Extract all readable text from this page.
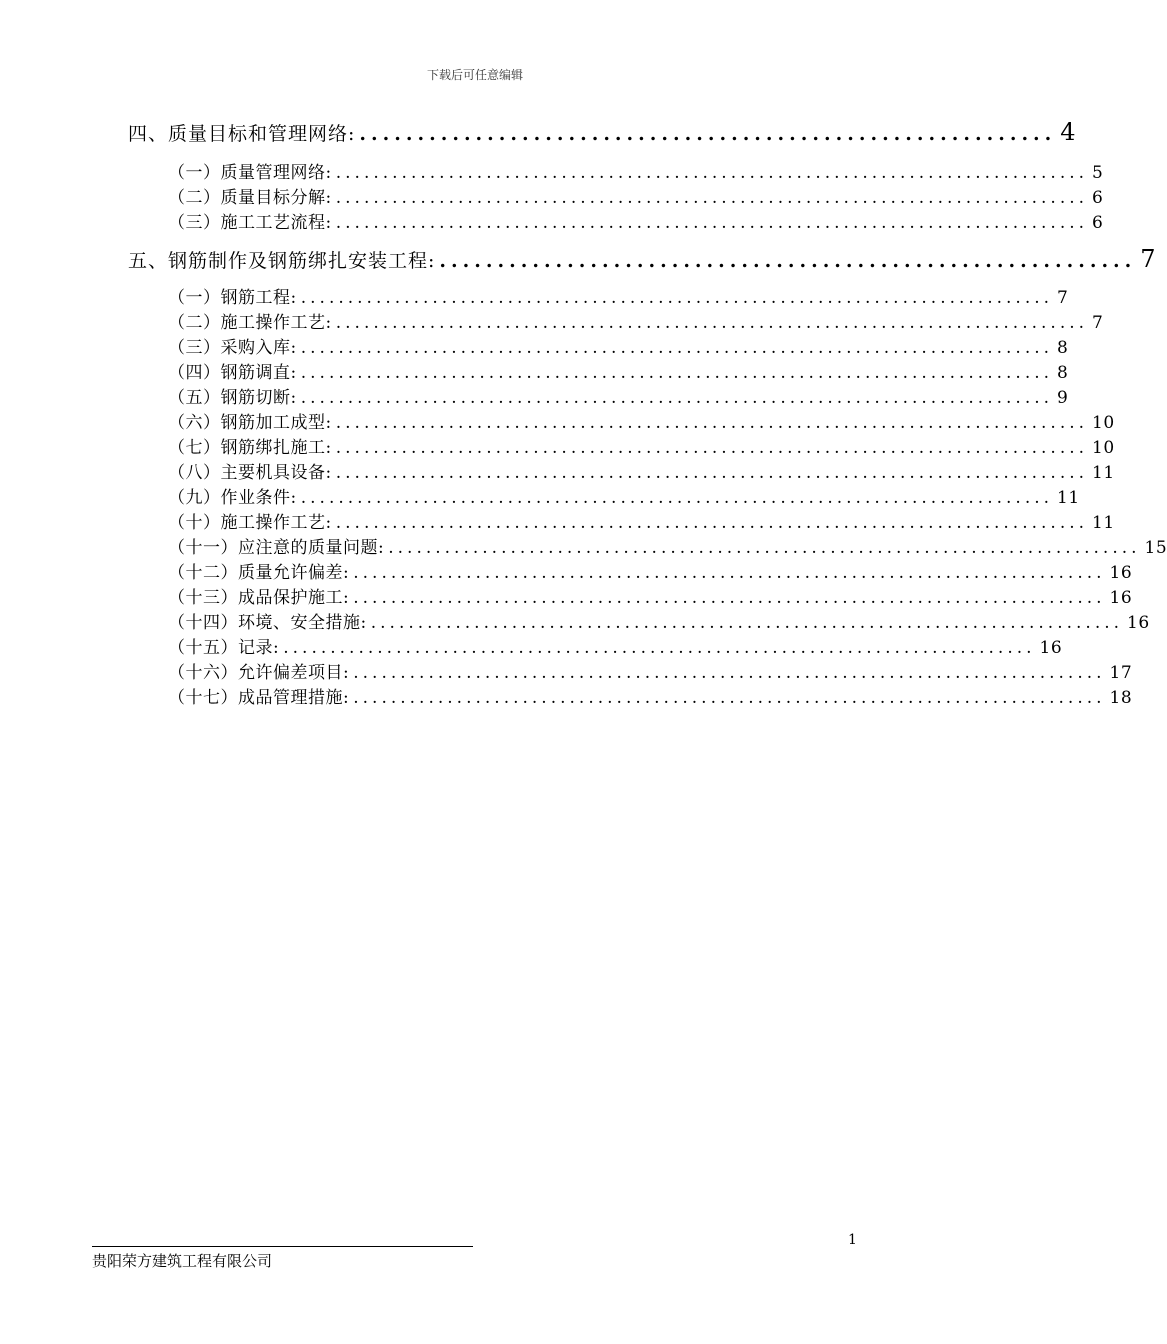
下载后可任意编辑
四、质量目标和管理网络: ............................................................ 4
（一）质量管理网络: ................................................................................ 5
（二）质量目标分解: ................................................................................ 6
（三）施工工艺流程: ................................................................................ 6
五、钢筋制作及钢筋绑扎安装工程: ............................................................ 7
（一）钢筋工程: ................................................................................ 7
（二）施工操作工艺: ................................................................................ 7
（三）采购入库: ................................................................................ 8
（四）钢筋调直: ................................................................................ 8
（五）钢筋切断: ................................................................................ 9
（六）钢筋加工成型: ................................................................................ 10
（七）钢筋绑扎施工: ................................................................................ 10
（八）主要机具设备: ................................................................................ 11
（九）作业条件: ................................................................................ 11
（十）施工操作工艺: ................................................................................ 11
（十一）应注意的质量问题: ................................................................................ 15
（十二）质量允许偏差: ................................................................................ 16
（十三）成品保护施工: ................................................................................ 16
（十四）环境、安全措施: ................................................................................ 16
（十五）记录: ................................................................................ 16
（十六）允许偏差项目: ................................................................................ 17
（十七）成品管理措施: ................................................................................ 18
1
贵阳荣方建筑工程有限公司
